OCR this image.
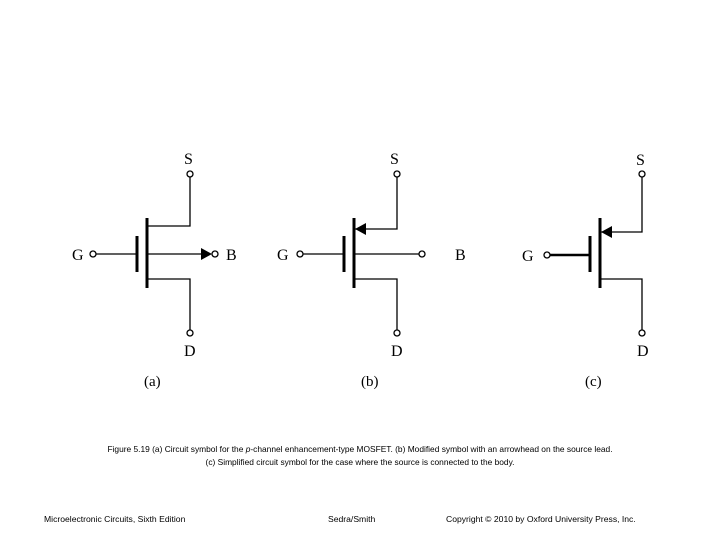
G
S
D
B
(a)
G
S
D
B
(b)
G
S
D
(c)
Figure 5.19 (a) Circuit symbol for the p-channel enhancement-type MOSFET. (b) Modified symbol with an arrowhead on the source lead.
(c) Simplified circuit symbol for the case where the source is connected to the body.
Microelectronic Circuits, Sixth Edition	Sedra/Smith	Copyright © 2010 by Oxford University Press, Inc.
